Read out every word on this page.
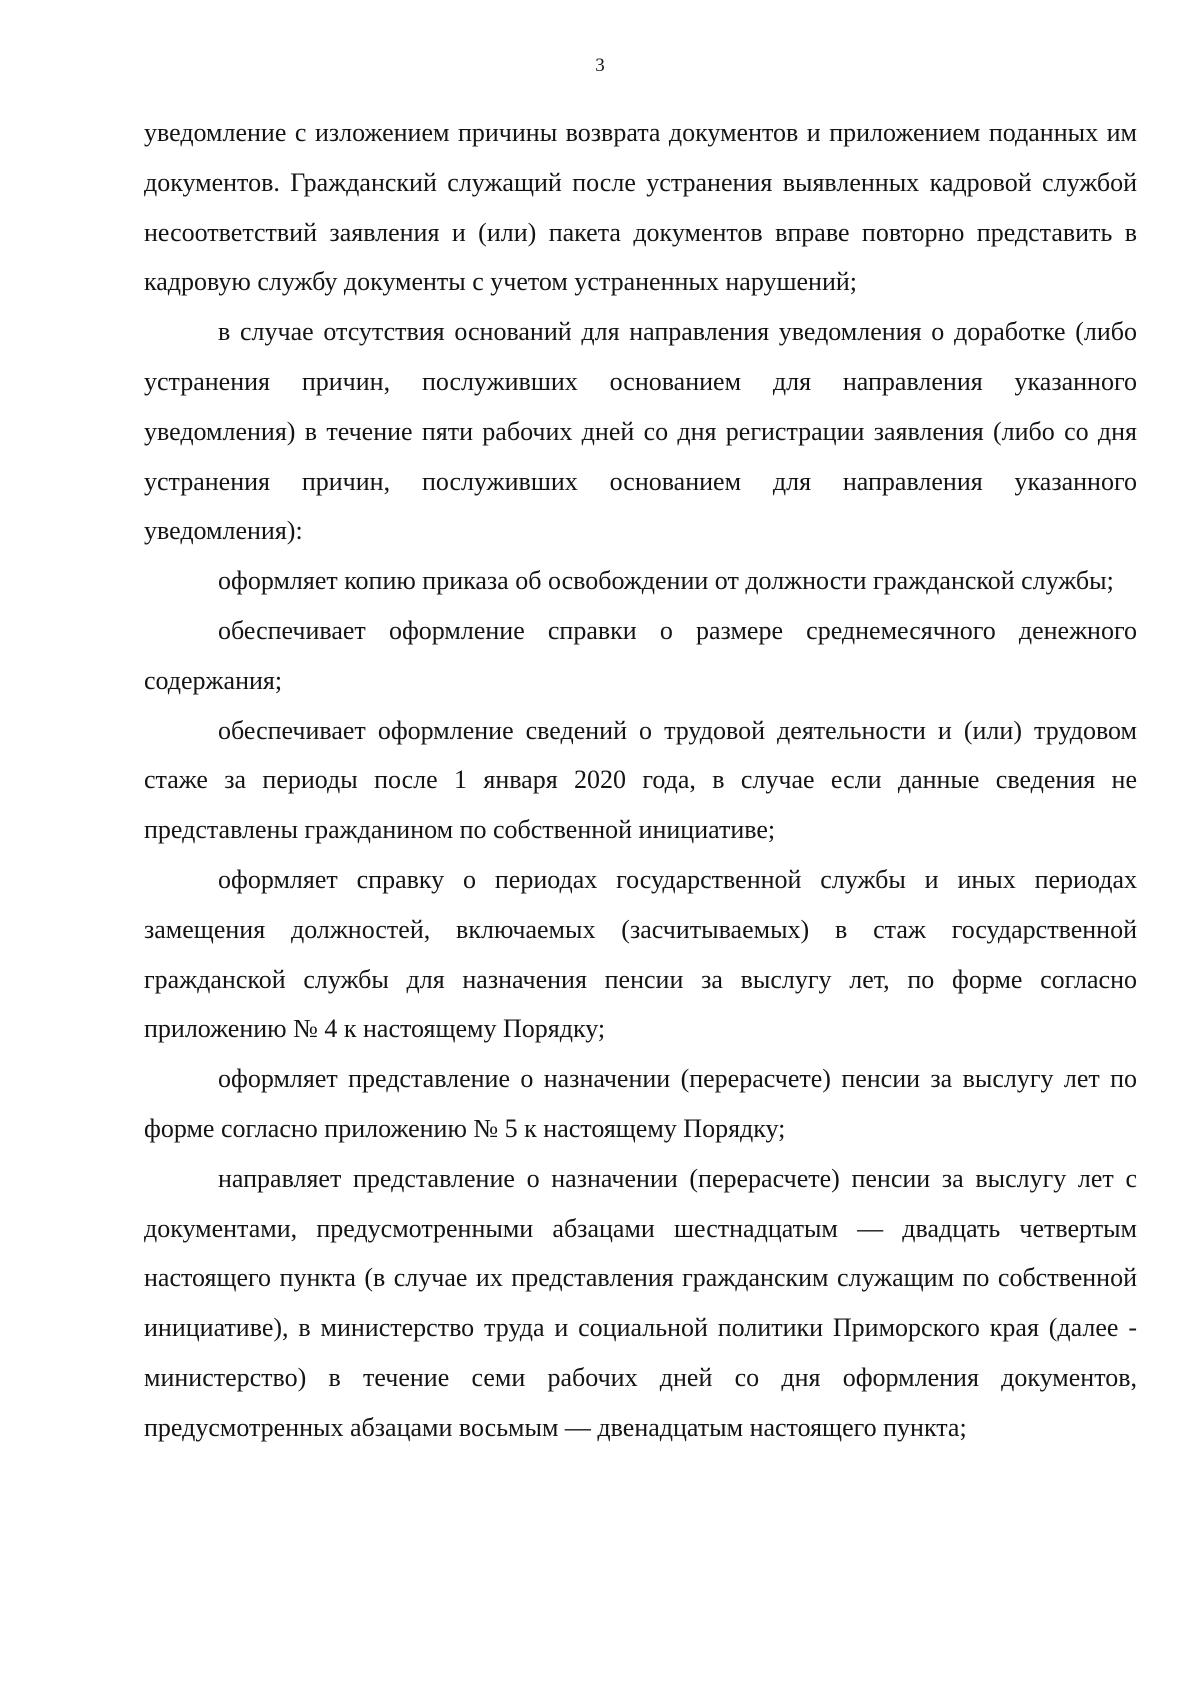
3

уведомление с изложением причины возврата документов и приложением поданных им документов. Гражданский служащий после устранения выявленных кадровой службой несоответствий заявления и (или) пакета документов вправе повторно представить в кадровую службу документы с учетом устраненных нарушений;

в случае отсутствия оснований для направления уведомления о доработке (либо устранения причин, послуживших основанием для направления указанного уведомления) в течение пяти рабочих дней со дня регистрации заявления (либо со дня устранения причин, послуживших основанием для направления указанного уведомления):

оформляет копию приказа об освобождении от должности гражданской службы;

обеспечивает оформление справки о размере среднемесячного денежного содержания;

обеспечивает оформление сведений о трудовой деятельности и (или) трудовом стаже за периоды после 1 января 2020 года, в случае если данные сведения не представлены гражданином по собственной инициативе;

оформляет справку о периодах государственной службы и иных периодах замещения должностей, включаемых (засчитываемых) в стаж государственной гражданской службы для назначения пенсии за выслугу лет, по форме согласно приложению № 4 к настоящему Порядку;

оформляет представление о назначении (перерасчете) пенсии за выслугу лет по форме согласно приложению № 5 к настоящему Порядку;

направляет представление о назначении (перерасчете) пенсии за выслугу лет с документами, предусмотренными абзацами шестнадцатым — двадцать четвертым настоящего пункта (в случае их представления гражданским служащим по собственной инициативе), в министерство труда и социальной политики Приморского края (далее - министерство) в течение семи рабочих дней со дня оформления документов, предусмотренных абзацами восьмым — двенадцатым настоящего пункта;
